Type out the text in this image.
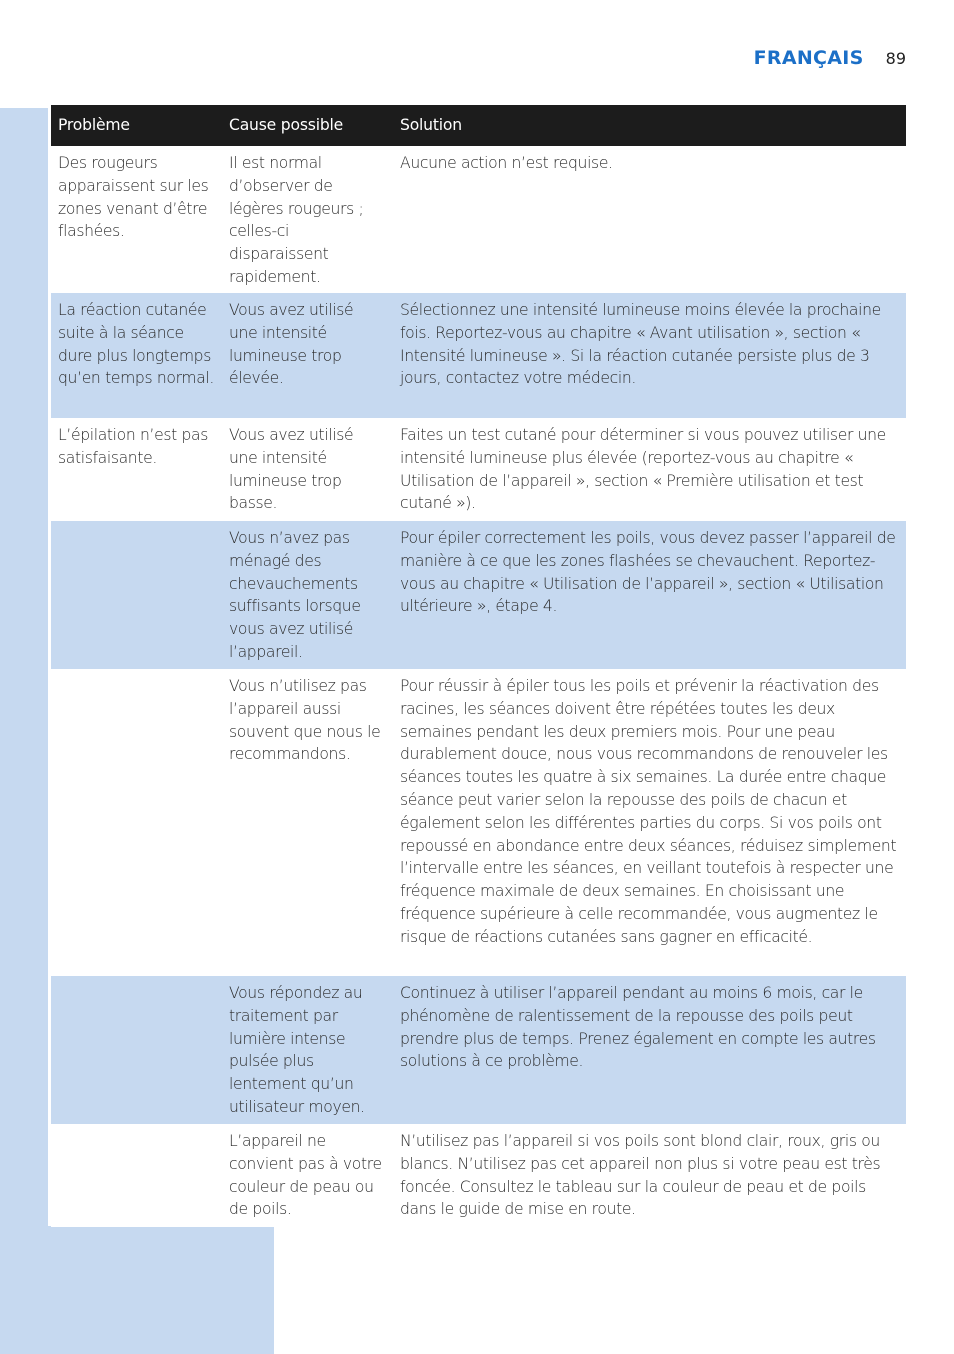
FRANÇAIS 89
Problème	Cause possible	Solution
Des rougeurs apparaissent sur les zones venant d’être flashées.	Il est normal d’observer de légères rougeurs ; celles-ci disparaissent rapidement.	Aucune action n’est requise.
La réaction cutanée suite à la séance dure plus longtemps qu’en temps normal.	Vous avez utilisé une intensité lumineuse trop élevée.	Sélectionnez une intensité lumineuse moins élevée la prochaine fois. Reportez-vous au chapitre « Avant utilisation », section « Intensité lumineuse ». Si la réaction cutanée persiste plus de 3 jours, contactez votre médecin.
L’épilation n’est pas satisfaisante.	Vous avez utilisé une intensité lumineuse trop basse.	Faites un test cutané pour déterminer si vous pouvez utiliser une intensité lumineuse plus élevée (reportez-vous au chapitre « Utilisation de l’appareil », section « Première utilisation et test cutané »).
	Vous n’avez pas ménagé des chevauchements suffisants lorsque vous avez utilisé l’appareil.	Pour épiler correctement les poils, vous devez passer l’appareil de manière à ce que les zones flashées se chevauchent. Reportez-vous au chapitre « Utilisation de l’appareil », section « Utilisation ultérieure », étape 4.
	Vous n’utilisez pas l’appareil aussi souvent que nous le recommandons.	Pour réussir à épiler tous les poils et prévenir la réactivation des racines, les séances doivent être répétées toutes les deux semaines pendant les deux premiers mois. Pour une peau durablement douce, nous vous recommandons de renouveler les séances toutes les quatre à six semaines. La durée entre chaque séance peut varier selon la repousse des poils de chacun et également selon les différentes parties du corps. Si vos poils ont repoussé en abondance entre deux séances, réduisez simplement l’intervalle entre les séances, en veillant toutefois à respecter une fréquence maximale de deux semaines. En choisissant une fréquence supérieure à celle recommandée, vous augmentez le risque de réactions cutanées sans gagner en efficacité.
	Vous répondez au traitement par lumière intense pulsée plus lentement qu’un utilisateur moyen.	Continuez à utiliser l’appareil pendant au moins 6 mois, car le phénomène de ralentissement de la repousse des poils peut prendre plus de temps. Prenez également en compte les autres solutions à ce problème.
	L’appareil ne convient pas à votre couleur de peau ou de poils.	N’utilisez pas l’appareil si vos poils sont blond clair, roux, gris ou blancs. N’utilisez pas cet appareil non plus si votre peau est très foncée. Consultez le tableau sur la couleur de peau et de poils dans le guide de mise en route.
